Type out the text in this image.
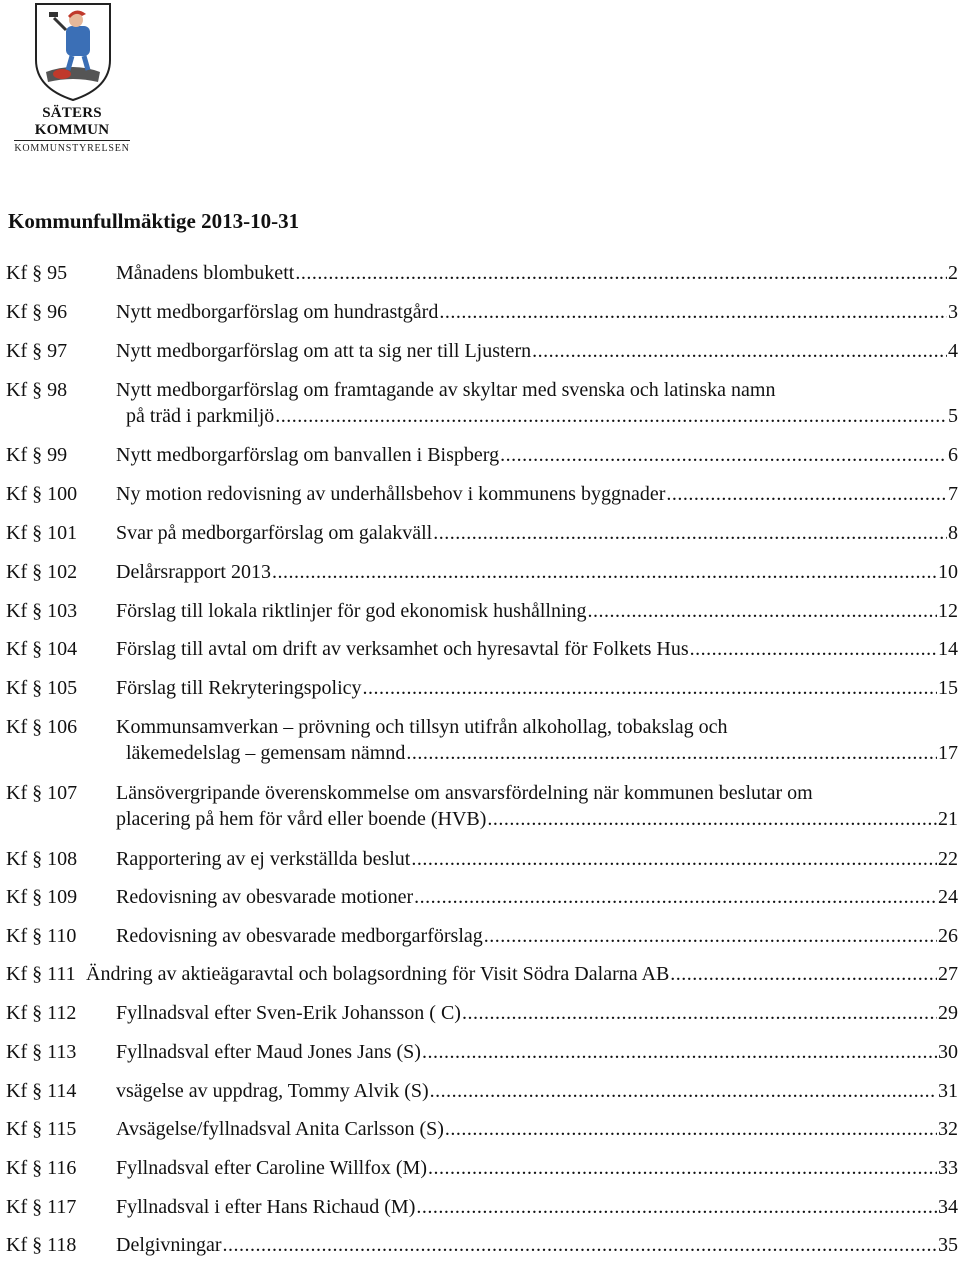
SÄTERS KOMMUN
KOMMUNSTYRELSEN
Kommunfullmäktige 2013-10-31
Kf § 95 Månadens blombukett .....	2
Kf § 96 Nytt medborgarförslag om hundrastgård .....	3
Kf § 97 Nytt medborgarförslag om att ta sig ner till Ljustern .....	4
Kf § 98 Nytt medborgarförslag om framtagande av skyltar med svenska och latinska namn
på träd i parkmiljö .....	5
Kf § 99 Nytt medborgarförslag om banvallen i Bispberg .....	6
Kf § 100 Ny motion redovisning av underhållsbehov i kommunens byggnader .....	7
Kf § 101 Svar på medborgarförslag om galakväll .....	8
Kf § 102 Delårsrapport 2013 .....	10
Kf § 103 Förslag till lokala riktlinjer för god ekonomisk hushållning .....	12
Kf § 104 Förslag till avtal om drift av verksamhet och hyresavtal för Folkets Hus .....	14
Kf § 105 Förslag till Rekryteringspolicy .....	15
Kf § 106 Kommunsamverkan – prövning och tillsyn utifrån alkohollag, tobakslag och
läkemedelslag – gemensam nämnd .....	17
Kf § 107 Länsövergripande överenskommelse om ansvarsfördelning när kommunen beslutar om
placering på hem för vård eller boende (HVB) .....	21
Kf § 108 Rapportering av ej verkställda beslut .....	22
Kf § 109 Redovisning av obesvarade motioner .....	24
Kf § 110 Redovisning av obesvarade medborgarförslag .....	26
Kf § 111 Ändring av aktieägaravtal och bolagsordning för Visit Södra Dalarna AB .....	27
Kf § 112 Fyllnadsval efter Sven-Erik Johansson ( C) .....	29
Kf § 113 Fyllnadsval efter Maud Jones Jans (S) .....	30
Kf § 114 vsägelse av uppdrag, Tommy Alvik (S) .....	31
Kf § 115 Avsägelse/fyllnadsval Anita Carlsson (S) .....	32
Kf § 116 Fyllnadsval efter Caroline Willfox (M) .....	33
Kf § 117 Fyllnadsval i efter Hans Richaud (M) .....	34
Kf § 118 Delgivningar .....	35
